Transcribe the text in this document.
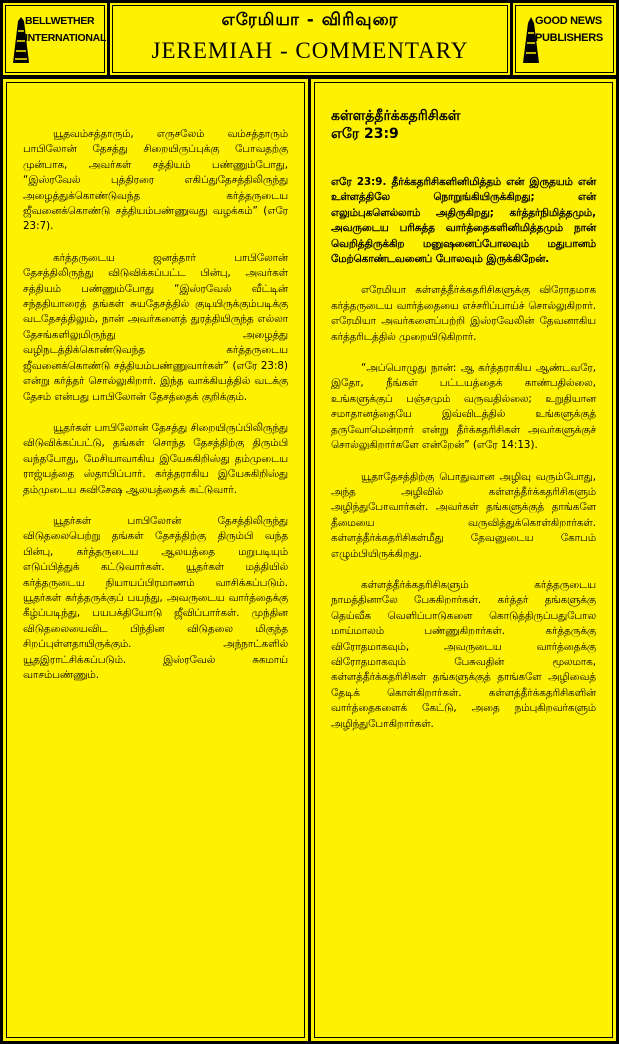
BELLWETHER
INTERNATIONAL
எரேமியா - விரிவுரை
JEREMIAH - COMMENTARY
GOOD NEWS
PUBLISHERS

யூதவம்சத்தாரும், எருசலேம் வம்சத்தாரும் பாபிலோன் தேசத்து சிறையிருப்புக்கு போவதற்கு முன்பாக, அவர்கள் சத்தியம் பண்ணும்போது, “இஸ்ரவேல் புத்திரரை எகிப்துதேசத்திலிருந்து அழைத்துக்கொண்டுவந்த கர்த்தருடைய ஜீவனைக்கொண்டு சத்தியம்பண்ணுவது வழக்கம்” (எரே 23:7).

கர்த்தருடைய ஜனத்தார் பாபிலோன் தேசத்திலிருந்து விடுவிக்கப்பட்ட பின்பு, அவர்கள் சத்தியம் பண்ணும்போது “இஸ்ரவேல் வீட்டின் சந்ததியாரைத் தங்கள் சுயதேசத்தில் குடியிருக்கும்படிக்கு வடதேசத்திலும், நான் அவர்களைத் துரத்தியிருந்த எல்லா தேசங்களிலுமிருந்து அழைத்து வழிநடத்திக்கொண்டுவந்த கர்த்தருடைய ஜீவனைக்கொண்டு சத்தியம்பண்ணுவார்கள்” (எரே 23:8) என்று கர்த்தர் சொல்லுகிறார். இந்த வாக்கியத்தில் வடக்கு தேசம் என்பது பாபிலோன் தேசத்தைக் குறிக்கும்.

யூதர்கள் பாபிலோன் தேசத்து சிறையிருப்பிலிருந்து விடுவிக்கப்பட்டு, தங்கள் சொந்த தேசத்திற்கு திரும்பி வந்தபோது, மேசியாவாகிய இயேசுகிறிஸ்து தம்முடைய ராஜ்யத்தை ஸ்தாபிப்பார். கர்த்தராகிய இயேசுகிறிஸ்து தம்முடைய சுவிசேஷ ஆலயத்தைக் கட்டுவார்.

யூதர்கள் பாபிலோன் தேசத்திலிருந்து விடுதலைபெற்று தங்கள் தேசத்திற்கு திரும்பி வந்த பின்பு, கர்த்தருடைய ஆலயத்தை மறுபடியும் எடுப்பித்துக் கட்டுவார்கள். யூதர்கள் மத்தியில் கர்த்தருடைய நியாயப்பிரமாணம் வாசிக்கப்படும். யூதர்கள் கர்த்தருக்குப் பயந்து, அவருடைய வார்த்தைக்கு கீழ்ப்படிந்து, பயபக்தியோடு ஜீவிப்பார்கள். முந்தின விடுதலையைவிட பிந்தின விடுதலை மிகுந்த சிறப்புள்ளதாயிருக்கும். அந்நாட்களில் யூதஇராட்சிக்கப்படும். இஸ்ரவேல் சுகமாய் வாசம்பண்ணும்.

கள்ளத்தீர்க்கதரிசிகள்
எரே 23:9

எரே 23:9. தீர்க்கதரிசிகளினிமித்தம் என் இருதயம் என் உள்ளத்திலே நொறுங்கியிருக்கிறது; என் எலும்புகளெல்லாம் அதிருகிறது; கர்த்தர்நிமித்தமும், அவருடைய பரிசுத்த வார்த்தைகளினிமித்தமும் நான் வெறித்திருக்கிற மனுஷனைப்போலவும் மதுபானம் மேற்கொண்டவனைப் போலவும் இருக்கிறேன்.

எரேமியா கள்ளத்தீர்க்கதரிசிகளுக்கு விரோதமாக கர்த்தருடைய வார்த்தையை எச்சரிப்பாய்ச் சொல்லுகிறார். எரேமியா அவர்களைப்பற்றி இஸ்ரவேலின் தேவனாகிய கர்த்தரிடத்தில் முறையிடுகிறார்.

“அப்பொழுது நான்: ஆ கர்த்தராகிய ஆண்டவரே, இதோ, நீங்கள் பட்டயத்தைக் காண்பதில்லை, உங்களுக்குப் பஞ்சமும் வருவதில்லை; உறுதியான சமாதானத்தையே இவ்விடத்தில் உங்களுக்குத் தருவோமென்றார் என்று தீர்க்கதரிசிகள் அவர்களுக்குச் சொல்லுகிறார்களே என்றேன்” (எரே 14:13).

யூதாதேசத்திற்கு பொதுவான அழிவு வரும்போது, அந்த அழிவில் கள்ளத்தீர்க்கதரிசிகளும் அழிந்துபோவார்கள். அவர்கள் தங்களுக்குத் தாங்களே தீமையை வருவித்துக்கொள்கிறார்கள். கள்ளத்தீர்க்கதரிசிகள்மீது தேவனுடைய கோபம் எழும்பியிருக்கிறது.

கள்ளத்தீர்க்கதரிசிகளும் கர்த்தருடைய நாமத்தினாலே பேசுகிறார்கள். கர்த்தர் தங்களுக்கு தெய்வீக வெளிப்பாடுகளை கொடுத்திருப்பதுபோல மாய்மாலம் பண்ணுகிறார்கள். கர்த்தருக்கு விரோதமாகவும், அவருடைய வார்த்தைக்கு விரோதமாகவும் பேசுவதின் மூலமாக, கள்ளத்தீர்க்கதரிசிகள் தங்களுக்குத் தாங்களே அழிவைத் தேடிக் கொள்கிறார்கள். கள்ளத்தீர்க்கதரிசிகளின் வார்த்தைகளைக் கேட்டு, அதை நம்புகிறவர்களும் அழிந்துபோகிறார்கள்.
